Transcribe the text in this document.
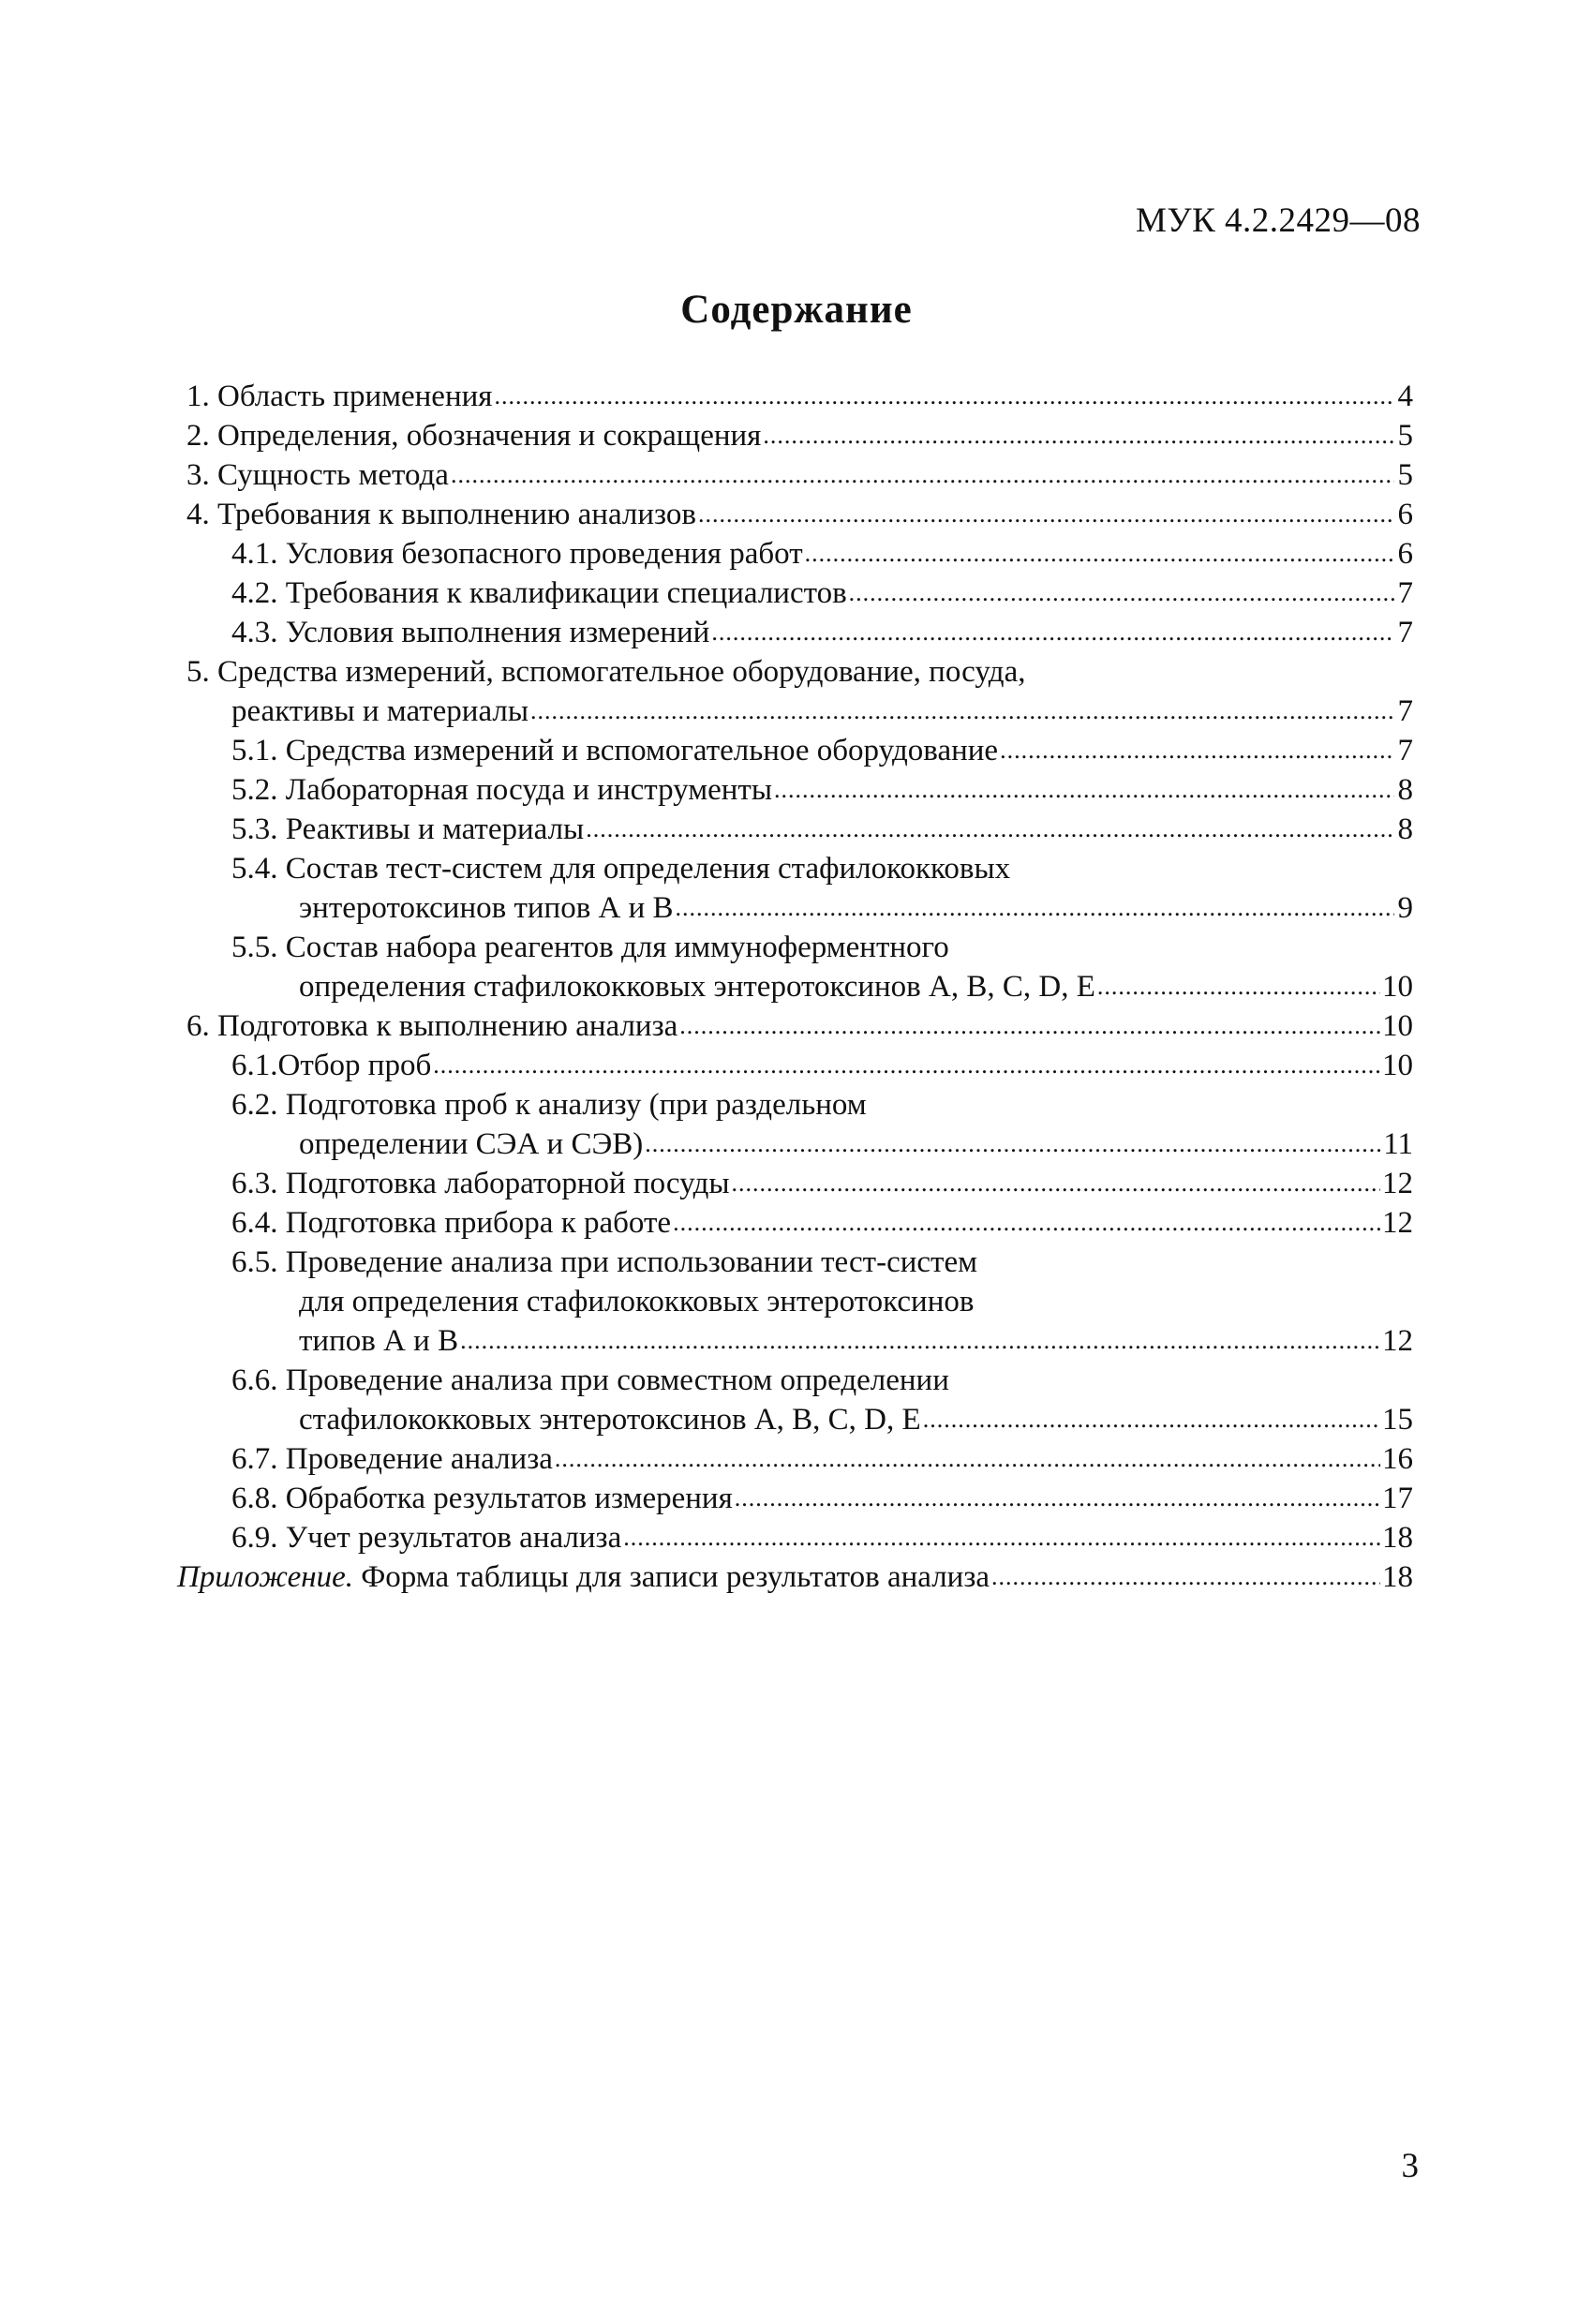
МУК 4.2.2429—08
Содержание
1. Область применения .....	4
2. Определения, обозначения и сокращения .....	5
3. Сущность метода .....	5
4. Требования к выполнению анализов .....	6
4.1. Условия безопасного проведения работ .....	6
4.2. Требования к квалификации специалистов .....	7
4.3. Условия выполнения измерений .....	7
5. Средства измерений, вспомогательное оборудование, посуда,
реактивы и материалы .....	7
5.1. Средства измерений и вспомогательное оборудование .....	7
5.2. Лабораторная посуда и инструменты .....	8
5.3. Реактивы и материалы .....	8
5.4. Состав тест-систем для определения стафилококковых
энтеротоксинов типов А и В .....	9
5.5. Состав набора реагентов для иммуноферментного
определения стафилококковых энтеротоксинов А, B, C, D, E .....	10
6. Подготовка к выполнению анализа .....	10
6.1.Отбор проб .....	10
6.2. Подготовка проб к анализу (при раздельном
определении СЭА и СЭВ) .....	11
6.3. Подготовка лабораторной посуды .....	12
6.4. Подготовка прибора к работе .....	12
6.5. Проведение анализа при использовании тест-систем
для определения стафилококковых энтеротоксинов
типов А и В .....	12
6.6. Проведение анализа при совместном определении
стафилококковых энтеротоксинов А, B, C, D, E .....	15
6.7. Проведение анализа .....	16
6.8. Обработка результатов измерения .....	17
6.9. Учет результатов анализа .....	18
Приложение. Форма таблицы для записи результатов анализа .....	18
3
